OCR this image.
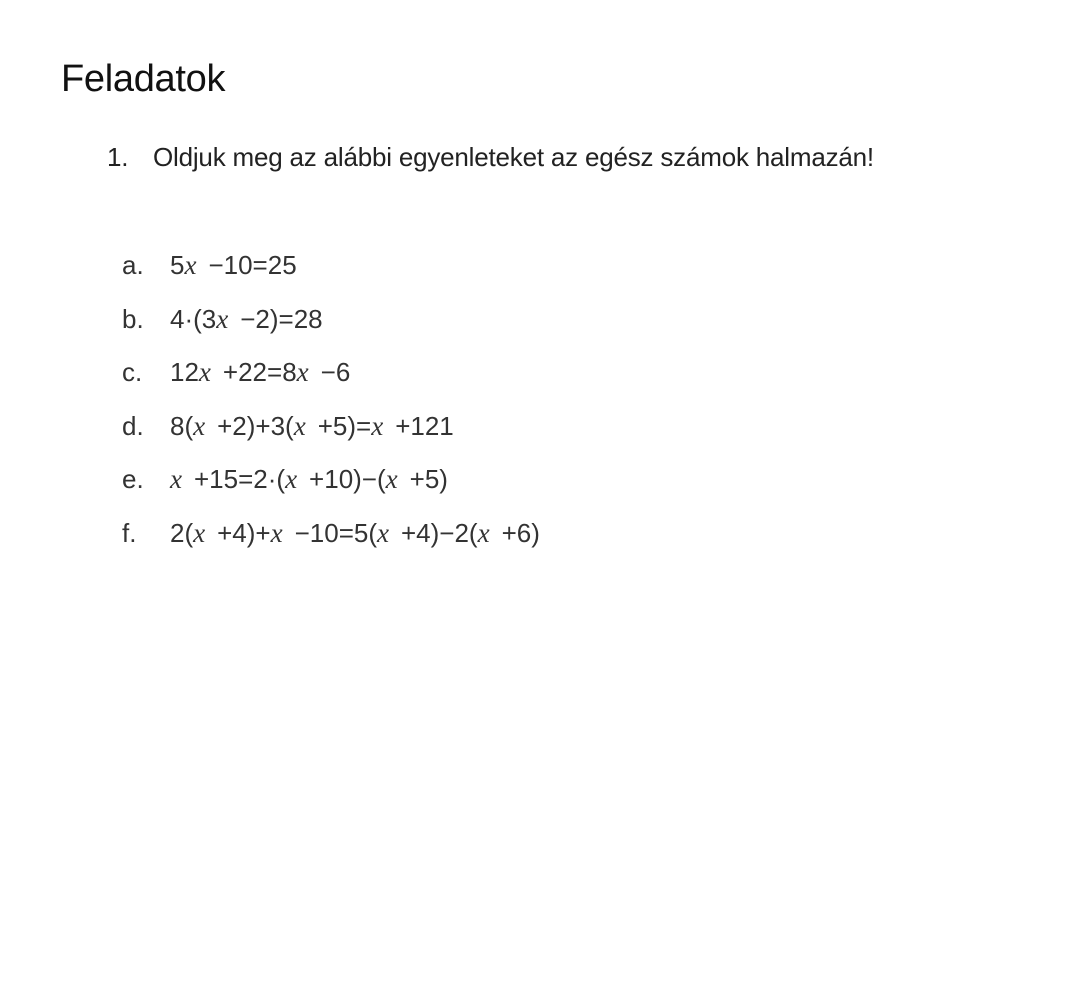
Feladatok
1. Oldjuk meg az alábbi egyenleteket az egész számok halmazán!
a.	5x −10=25
b.	4·(3x −2)=28
c.	12x +22=8x −6
d.	8(x +2)+3(x +5)=x +121
e. x +15=2·(x +10)−(x +5)
f.	2(x +4)+x −10=5(x +4)−2(x +6)
